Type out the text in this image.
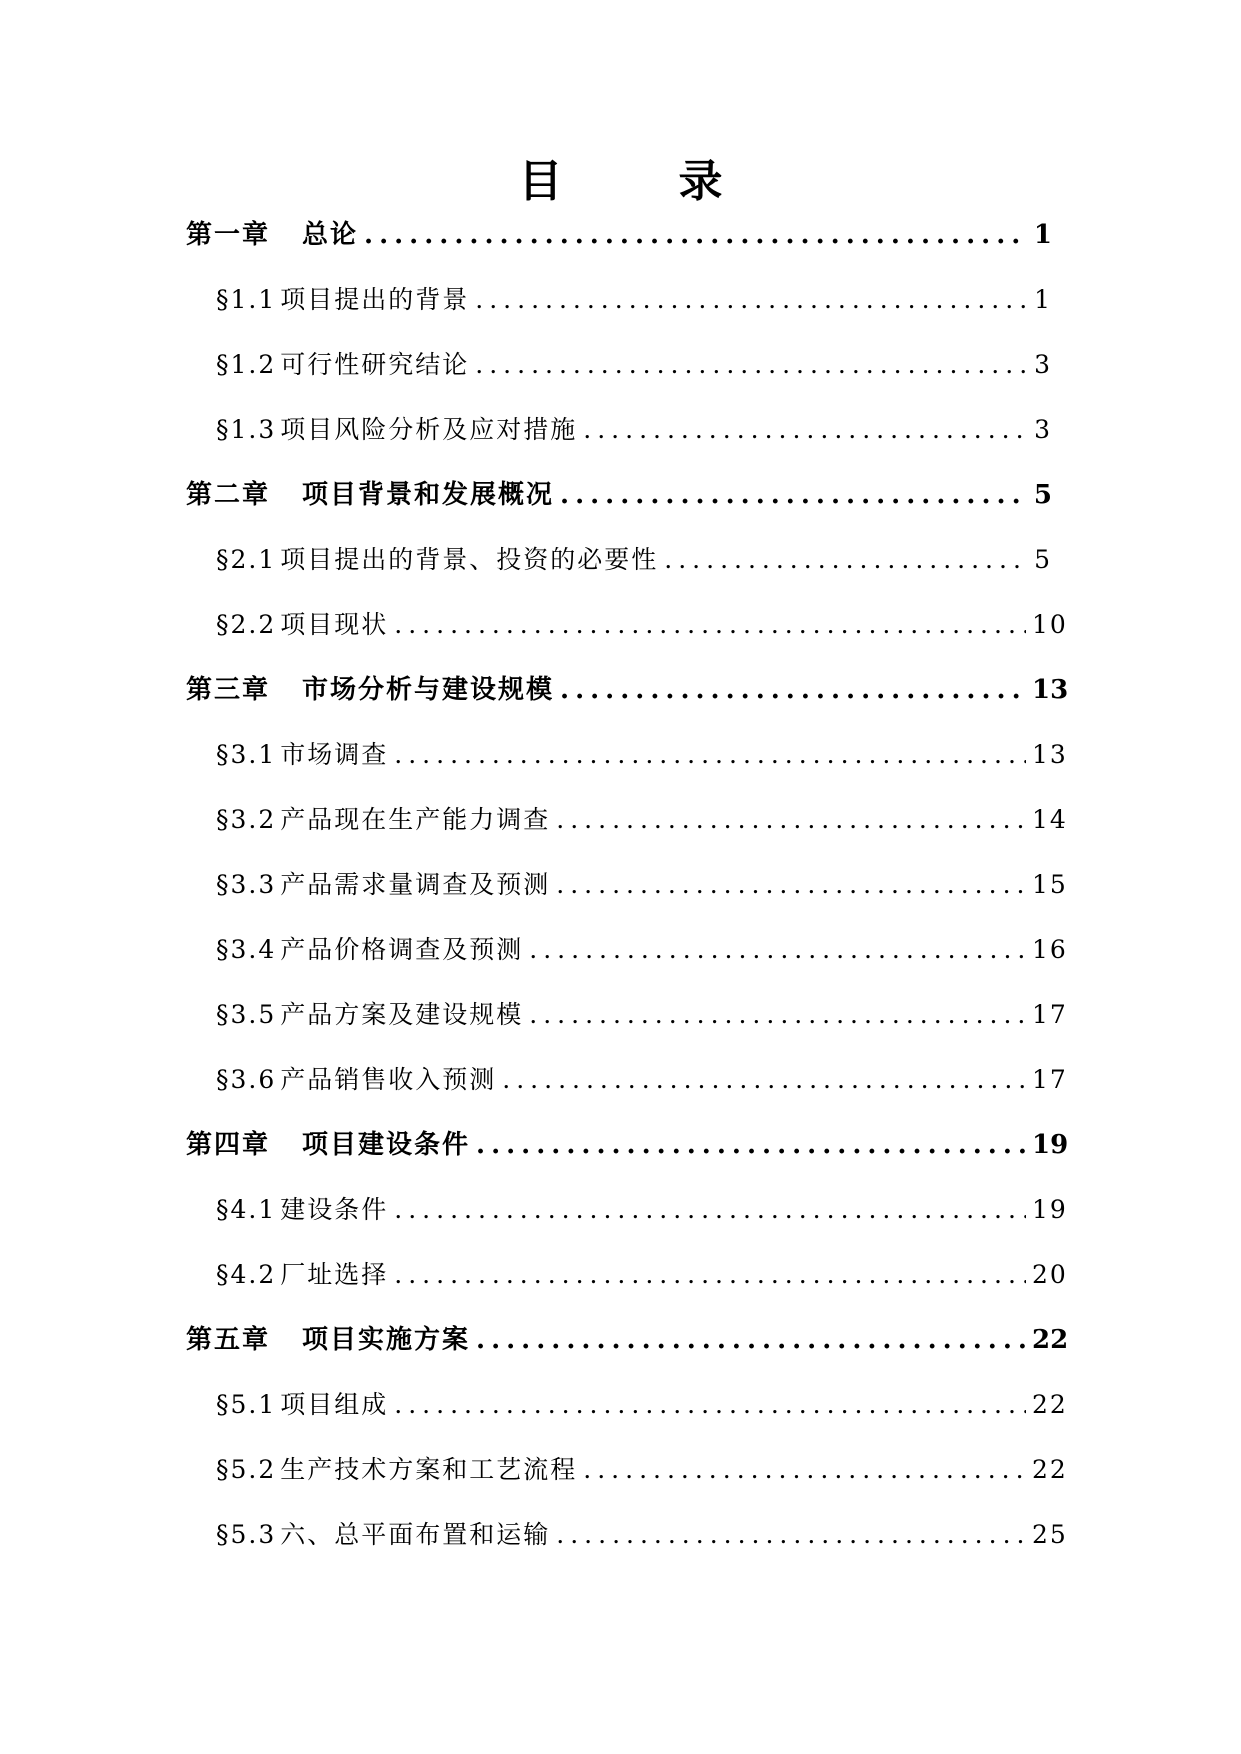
目　录
第一章 总论 .....	1
§1.1 项目提出的背景 .....	1
§1.2 可行性研究结论 .....	3
§1.3 项目风险分析及应对措施 .....	3
第二章 项目背景和发展概况 .....	5
§2.1 项目提出的背景、投资的必要性 .....	5
§2.2 项目现状 .....	10
第三章 市场分析与建设规模 .....	13
§3.1 市场调查 .....	13
§3.2 产品现在生产能力调查 .....	14
§3.3 产品需求量调查及预测 .....	15
§3.4 产品价格调查及预测 .....	16
§3.5 产品方案及建设规模 .....	17
§3.6 产品销售收入预测 .....	17
第四章 项目建设条件 .....	19
§4.1 建设条件 .....	19
§4.2 厂址选择 .....	20
第五章 项目实施方案 .....	22
§5.1 项目组成 .....	22
§5.2 生产技术方案和工艺流程 .....	22
§5.3 六、总平面布置和运输 .....	25
